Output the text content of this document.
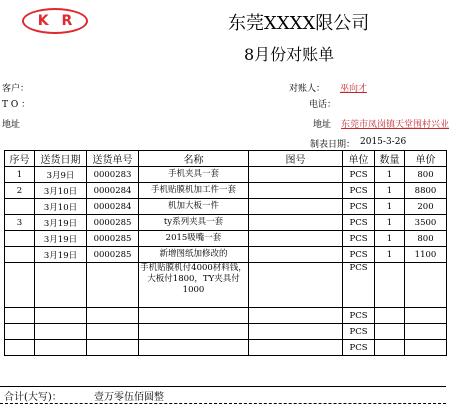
K R	东莞XXXX限公司
8月份对账单
客户：
T O ：
地址
对账人： 巫向才
电话：
地址 东莞市凤岗镇天堂围村兴业
制表日期： 2015-3-26
序号	送货日期	送货单号	名称	图号	单位	数量	单价
1	3月9日	0000283	手机夹具一套		PCS	1	800
2	3月10日	0000284	手机贴膜机加工件一套		PCS	1	8800
	3月10日	0000284	机加大板一件		PCS	1	200
3	3月19日	0000285	ty系列夹具一套		PCS	1	3500
	3月19日	0000285	2015吸嘴一套		PCS	1	800
	3月19日	0000285	新增图纸加修改的		PCS	1	1100
			手机贴膜机付4000材料钱，大板付1800，TY夹具付1000		PCS		
					PCS		
					PCS		
					PCS		
合计(大写)：	壹万零伍佰圆整
